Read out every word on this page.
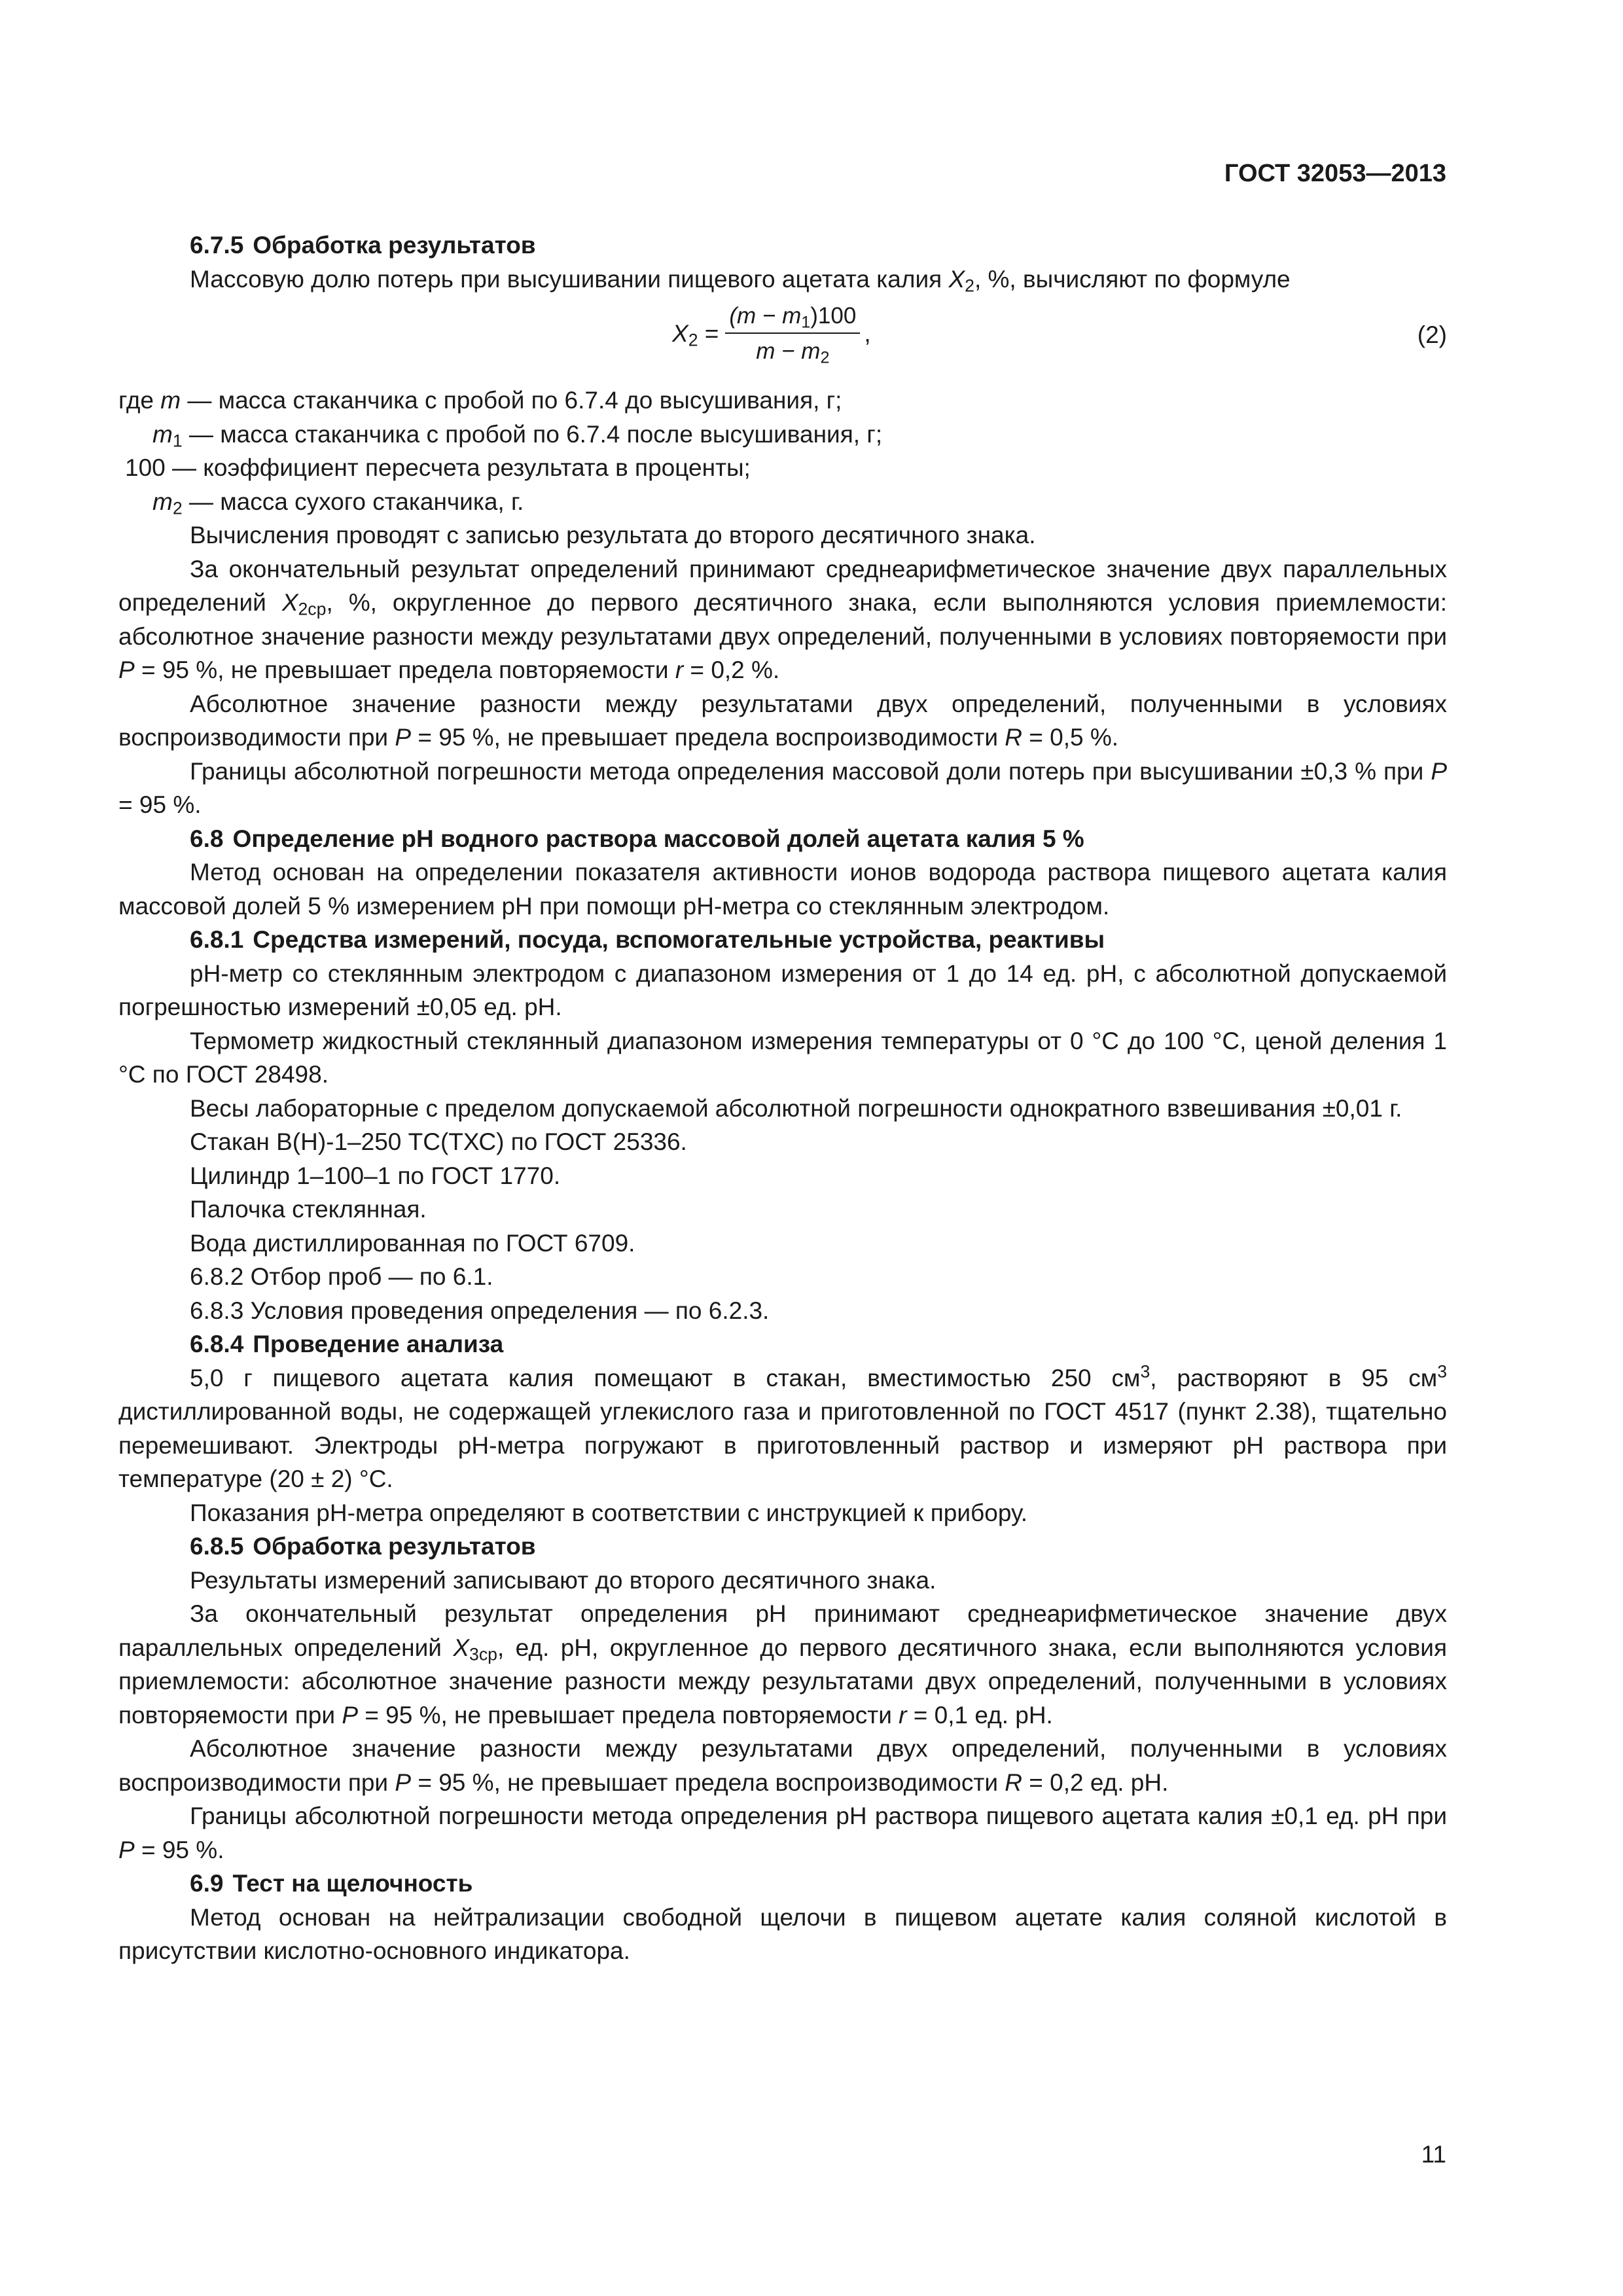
ГОСТ 32053—2013

6.7.5 Обработка результатов

Массовую долю потерь при высушивании пищевого ацетата калия $X_2$, %, вычисляют по формуле

$X_2 = \frac{(m - m_1)100}{m - m_2}$ ,	(2)

где m — масса стаканчика с пробой по 6.7.4 до высушивания, г;

$m_1$ — масса стаканчика с пробой по 6.7.4 после высушивания, г;

100 — коэффициент пересчета результата в проценты;

$m_2$ — масса сухого стаканчика, г.

Вычисления проводят с записью результата до второго десятичного знака.

За окончательный результат определений принимают среднеарифметическое значение двух параллельных определений $X_{2ср}$, %, округленное до первого десятичного знака, если выполняются условия приемлемости: абсолютное значение разности между результатами двух определений, полученными в условиях повторяемости при P = 95 %, не превышает предела повторяемости r = 0,2 %.

Абсолютное значение разности между результатами двух определений, полученными в условиях воспроизводимости при P = 95 %, не превышает предела воспроизводимости R = 0,5 %.

Границы абсолютной погрешности метода определения массовой доли потерь при высушивании ±0,3 % при P = 95 %.

6.8 Определение pH водного раствора массовой долей ацетата калия 5 %

Метод основан на определении показателя активности ионов водорода раствора пищевого ацетата калия массовой долей 5 % измерением pH при помощи pH-метра со стеклянным электродом.

6.8.1 Средства измерений, посуда, вспомогательные устройства, реактивы

pH-метр со стеклянным электродом с диапазоном измерения от 1 до 14 ед. pH, с абсолютной допускаемой погрешностью измерений ±0,05 ед. pH.

Термометр жидкостный стеклянный диапазоном измерения температуры от 0 °С до 100 °С, ценой деления 1 °С по ГОСТ 28498.

Весы лабораторные с пределом допускаемой абсолютной погрешности однократного взвешивания ±0,01 г.

Стакан В(Н)-1–250 ТС(ТХС) по ГОСТ 25336.

Цилиндр 1–100–1 по ГОСТ 1770.

Палочка стеклянная.

Вода дистиллированная по ГОСТ 6709.

6.8.2 Отбор проб — по 6.1.

6.8.3 Условия проведения определения — по 6.2.3.

6.8.4 Проведение анализа

5,0 г пищевого ацетата калия помещают в стакан, вместимостью 250 $см^3$, растворяют в 95 $см^3$ дистиллированной воды, не содержащей углекислого газа и приготовленной по ГОСТ 4517 (пункт 2.38), тщательно перемешивают. Электроды pH-метра погружают в приготовленный раствор и измеряют pH раствора при температуре (20 ± 2) °С.

Показания pH-метра определяют в соответствии с инструкцией к прибору.

6.8.5 Обработка результатов

Результаты измерений записывают до второго десятичного знака.

За окончательный результат определения pH принимают среднеарифметическое значение двух параллельных определений $X_{3ср}$, ед. pH, округленное до первого десятичного знака, если выполняются условия приемлемости: абсолютное значение разности между результатами двух определений, полученными в условиях повторяемости при P = 95 %, не превышает предела повторяемости r = 0,1 ед. pH.

Абсолютное значение разности между результатами двух определений, полученными в условиях воспроизводимости при P = 95 %, не превышает предела воспроизводимости R = 0,2 ед. pH.

Границы абсолютной погрешности метода определения pH раствора пищевого ацетата калия ±0,1 ед. pH при P = 95 %.

6.9 Тест на щелочность

Метод основан на нейтрализации свободной щелочи в пищевом ацетате калия соляной кислотой в присутствии кислотно-основного индикатора.

11
